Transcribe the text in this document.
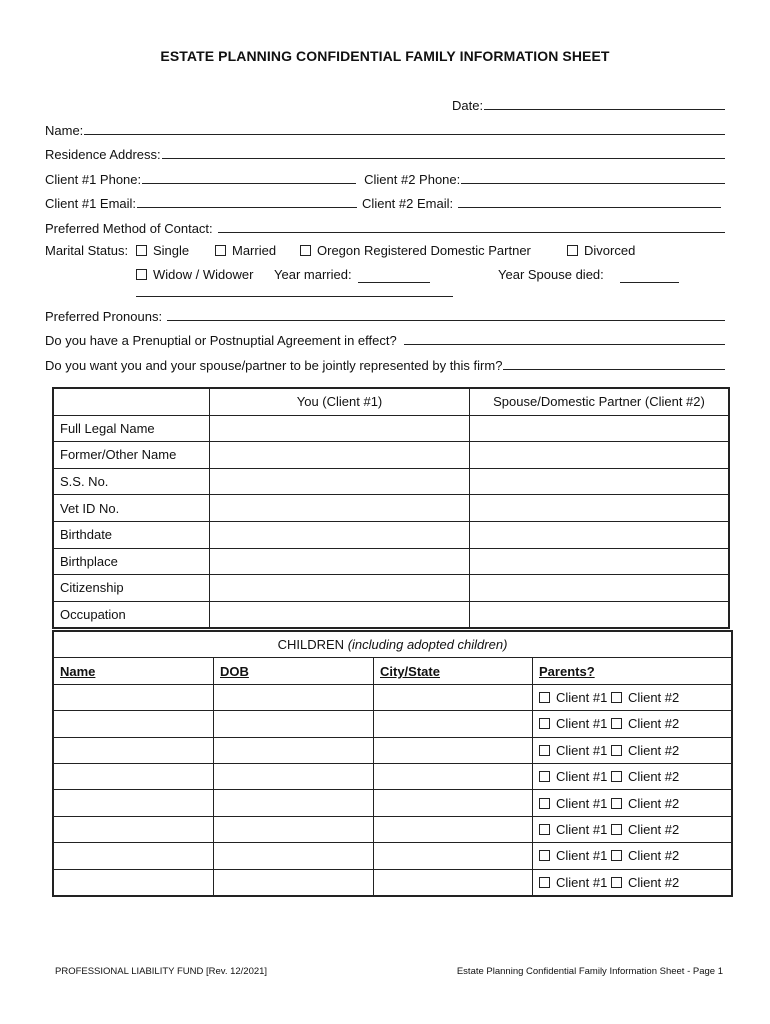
ESTATE PLANNING CONFIDENTIAL FAMILY INFORMATION SHEET
Date:
Name:
Residence Address:
Client #1 Phone:	Client #2 Phone:
Client #1 Email:	Client #2 Email:
Preferred Method of Contact:
Marital Status:	Single	Married	Oregon Registered Domestic Partner	Divorced
Widow / Widower Year married:	Year Spouse died:
Preferred Pronouns:
Do you have a Prenuptial or Postnuptial Agreement in effect?
Do you want you and your spouse/partner to be jointly represented by this firm?
	You (Client #1)	Spouse/Domestic Partner (Client #2)
Full Legal Name		
Former/Other Name		
S.S. No.		
Vet ID No.		
Birthdate		
Birthplace		
Citizenship		
Occupation		
CHILDREN (including adopted children)			
Name	DOB	City/State	Parents?
			Client #1 Client #2
			Client #1 Client #2
			Client #1 Client #2
			Client #1 Client #2
			Client #1 Client #2
			Client #1 Client #2
			Client #1 Client #2
			Client #1 Client #2
PROFESSIONAL LIABILITY FUND [Rev. 12/2021]	Estate Planning Confidential Family Information Sheet - Page 1
